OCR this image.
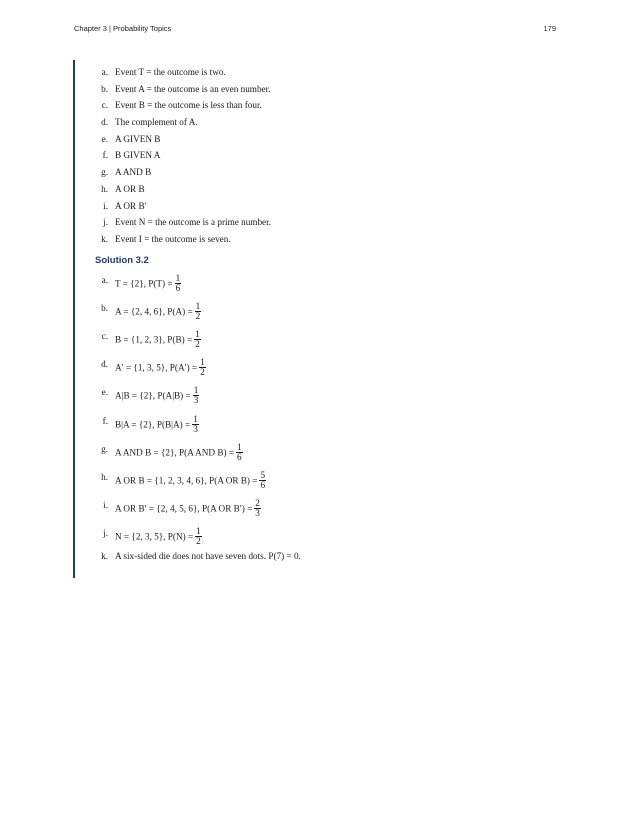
Chapter 3 | Probability Topics	179
a. Event T = the outcome is two.
b. Event A = the outcome is an even number.
c. Event B = the outcome is less than four.
d. The complement of A.
e. A GIVEN B
f. B GIVEN A
g. A AND B
h. A OR B
i. A OR B′
j. Event N = the outcome is a prime number.
k. Event I = the outcome is seven.
Solution 3.2
a. T = {2}, $P(T) = \frac{1}{6}$
b. A = {2, 4, 6}, $P(A) = \frac{1}{2}$
c. B = {1, 2, 3}, $P(B) = \frac{1}{2}$
d. A′ = {1, 3, 5}, $P(A') = \frac{1}{2}$
e. A|B = {2}, $P(A|B) = \frac{1}{3}$
f. B|A = {2}, $P(B|A) = \frac{1}{3}$
g. A AND B = {2}, P(A AND $B) = \frac{1}{6}$
h. A OR B = {1, 2, 3, 4, 6}, P(A OR $B) = \frac{5}{6}$
i. A OR B′ = {2, 4, 5, 6}, P(A OR $B') = \frac{2}{3}$
j. N = {2, 3, 5}, $P(N) = \frac{1}{2}$
k. A six-sided die does not have seven dots. P(7) = 0.
